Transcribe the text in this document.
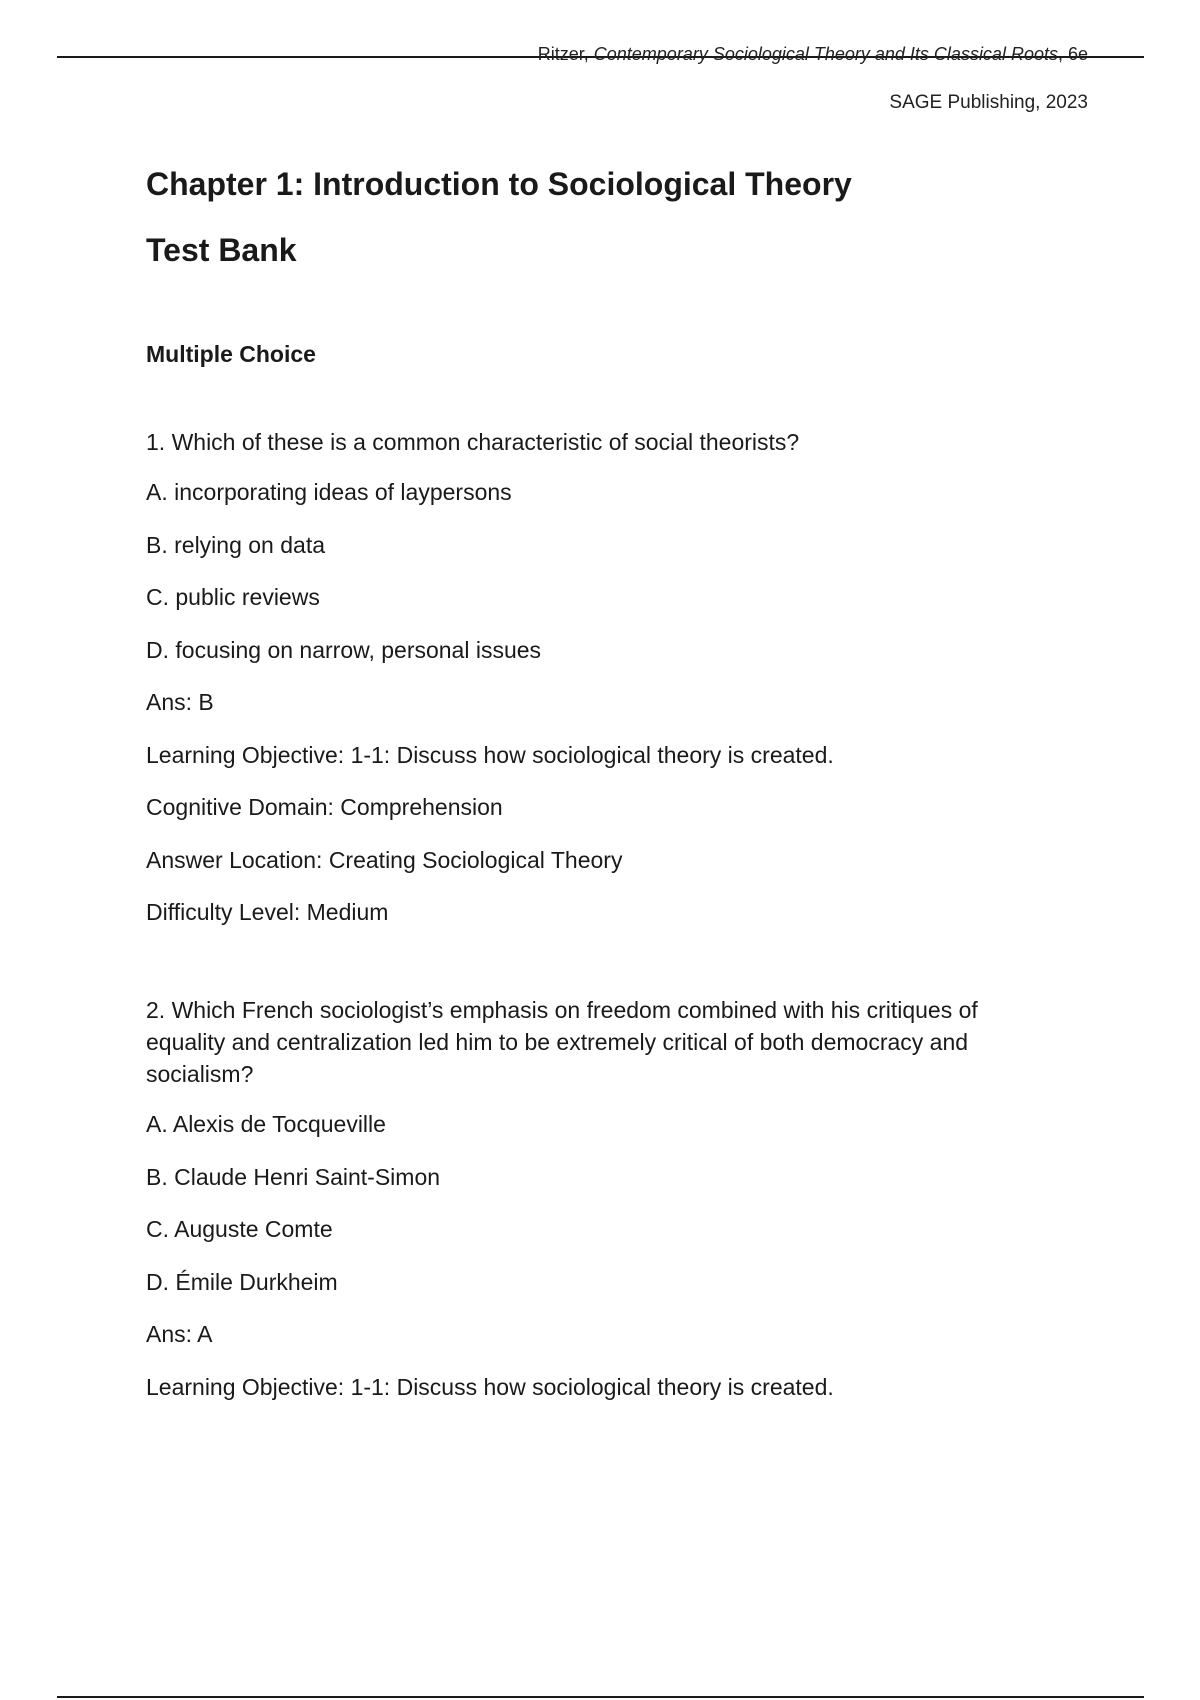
Ritzer, Contemporary Sociological Theory and Its Classical Roots, 6e
SAGE Publishing, 2023
Chapter 1: Introduction to Sociological Theory
Test Bank
Multiple Choice

1. Which of these is a common characteristic of social theorists?

A. incorporating ideas of laypersons

B. relying on data

C. public reviews

D. focusing on narrow, personal issues

Ans: B

Learning Objective: 1-1: Discuss how sociological theory is created.

Cognitive Domain: Comprehension

Answer Location: Creating Sociological Theory

Difficulty Level: Medium

2. Which French sociologist’s emphasis on freedom combined with his critiques of equality and centralization led him to be extremely critical of both democracy and socialism?

A. Alexis de Tocqueville

B. Claude Henri Saint-Simon

C. Auguste Comte

D. Émile Durkheim

Ans: A

Learning Objective: 1-1: Discuss how sociological theory is created.
